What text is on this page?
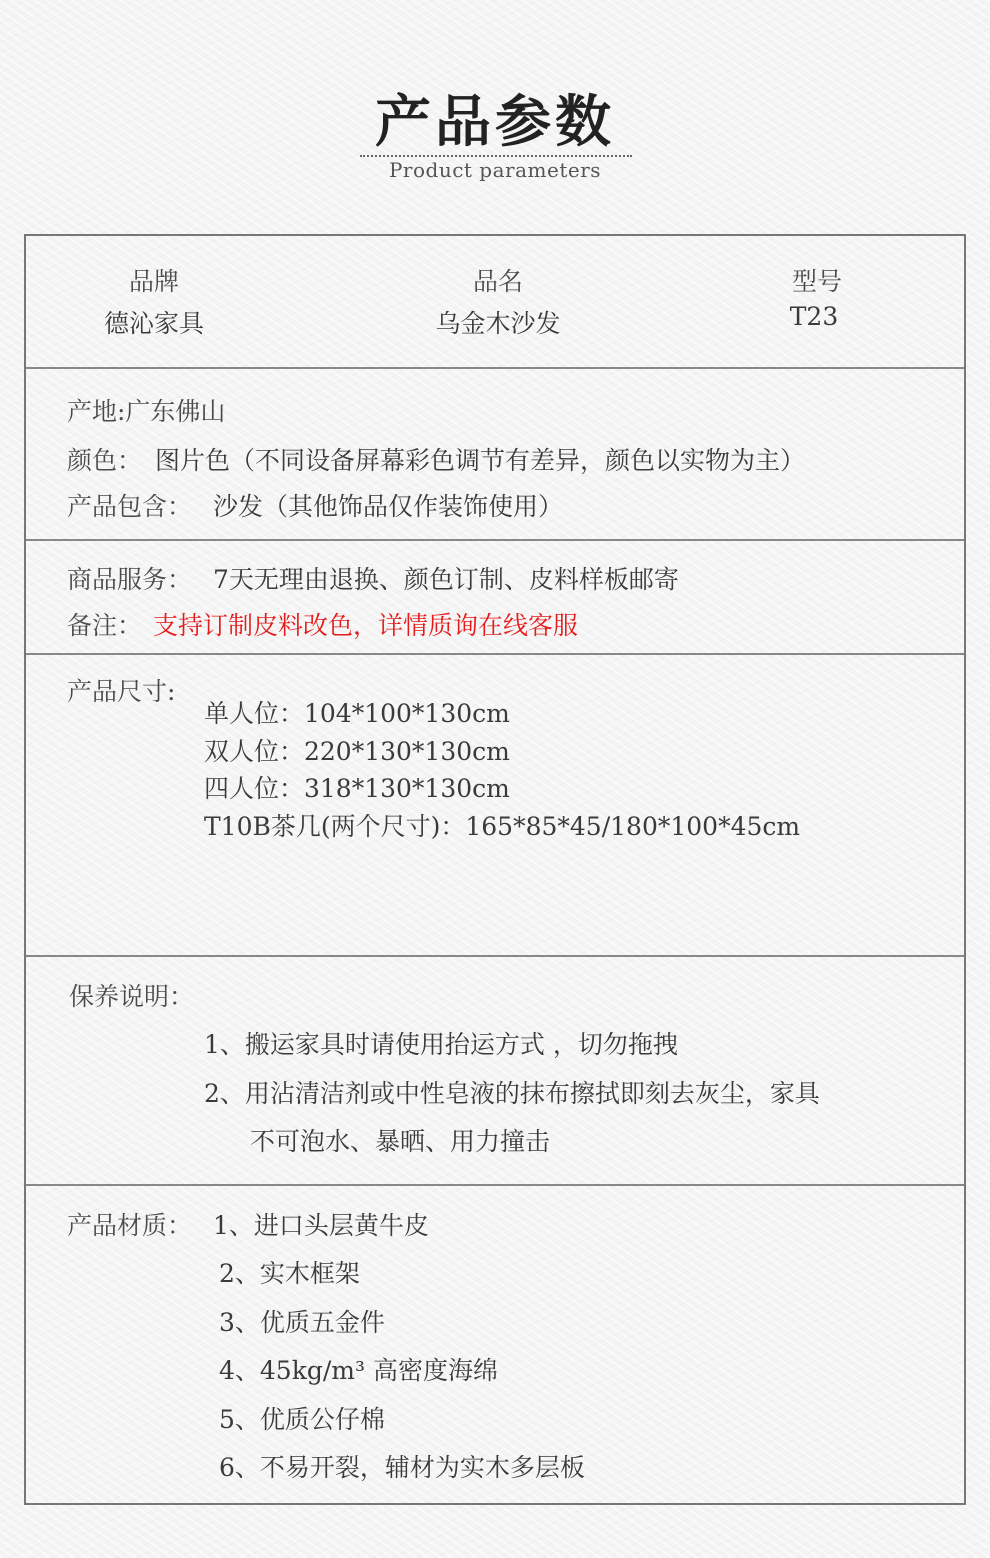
产品参数
Product parameters
品牌
德沁家具
品名
乌金木沙发
型号
T23
产地:广东佛山
颜色： 图片色（不同设备屏幕彩色调节有差异，颜色以实物为主）
产品包含： 沙发（其他饰品仅作装饰使用）
商品服务： 7天无理由退换、颜色订制、皮料样板邮寄
备注： 支持订制皮料改色，详情质询在线客服
产品尺寸:
单人位：104*100*130cm
双人位：220*130*130cm
四人位：318*130*130cm
T10B茶几(两个尺寸)：165*85*45/180*100*45cm
保养说明：
1、搬运家具时请使用抬运方式 ，切勿拖拽
2、用沾清洁剂或中性皂液的抹布擦拭即刻去灰尘，家具
不可泡水、暴晒、用力撞击
产品材质： 1、进口头层黄牛皮
2、实木框架
3、优质五金件
4、45kg/m³ 高密度海绵
5、优质公仔棉
6、不易开裂，辅材为实木多层板
